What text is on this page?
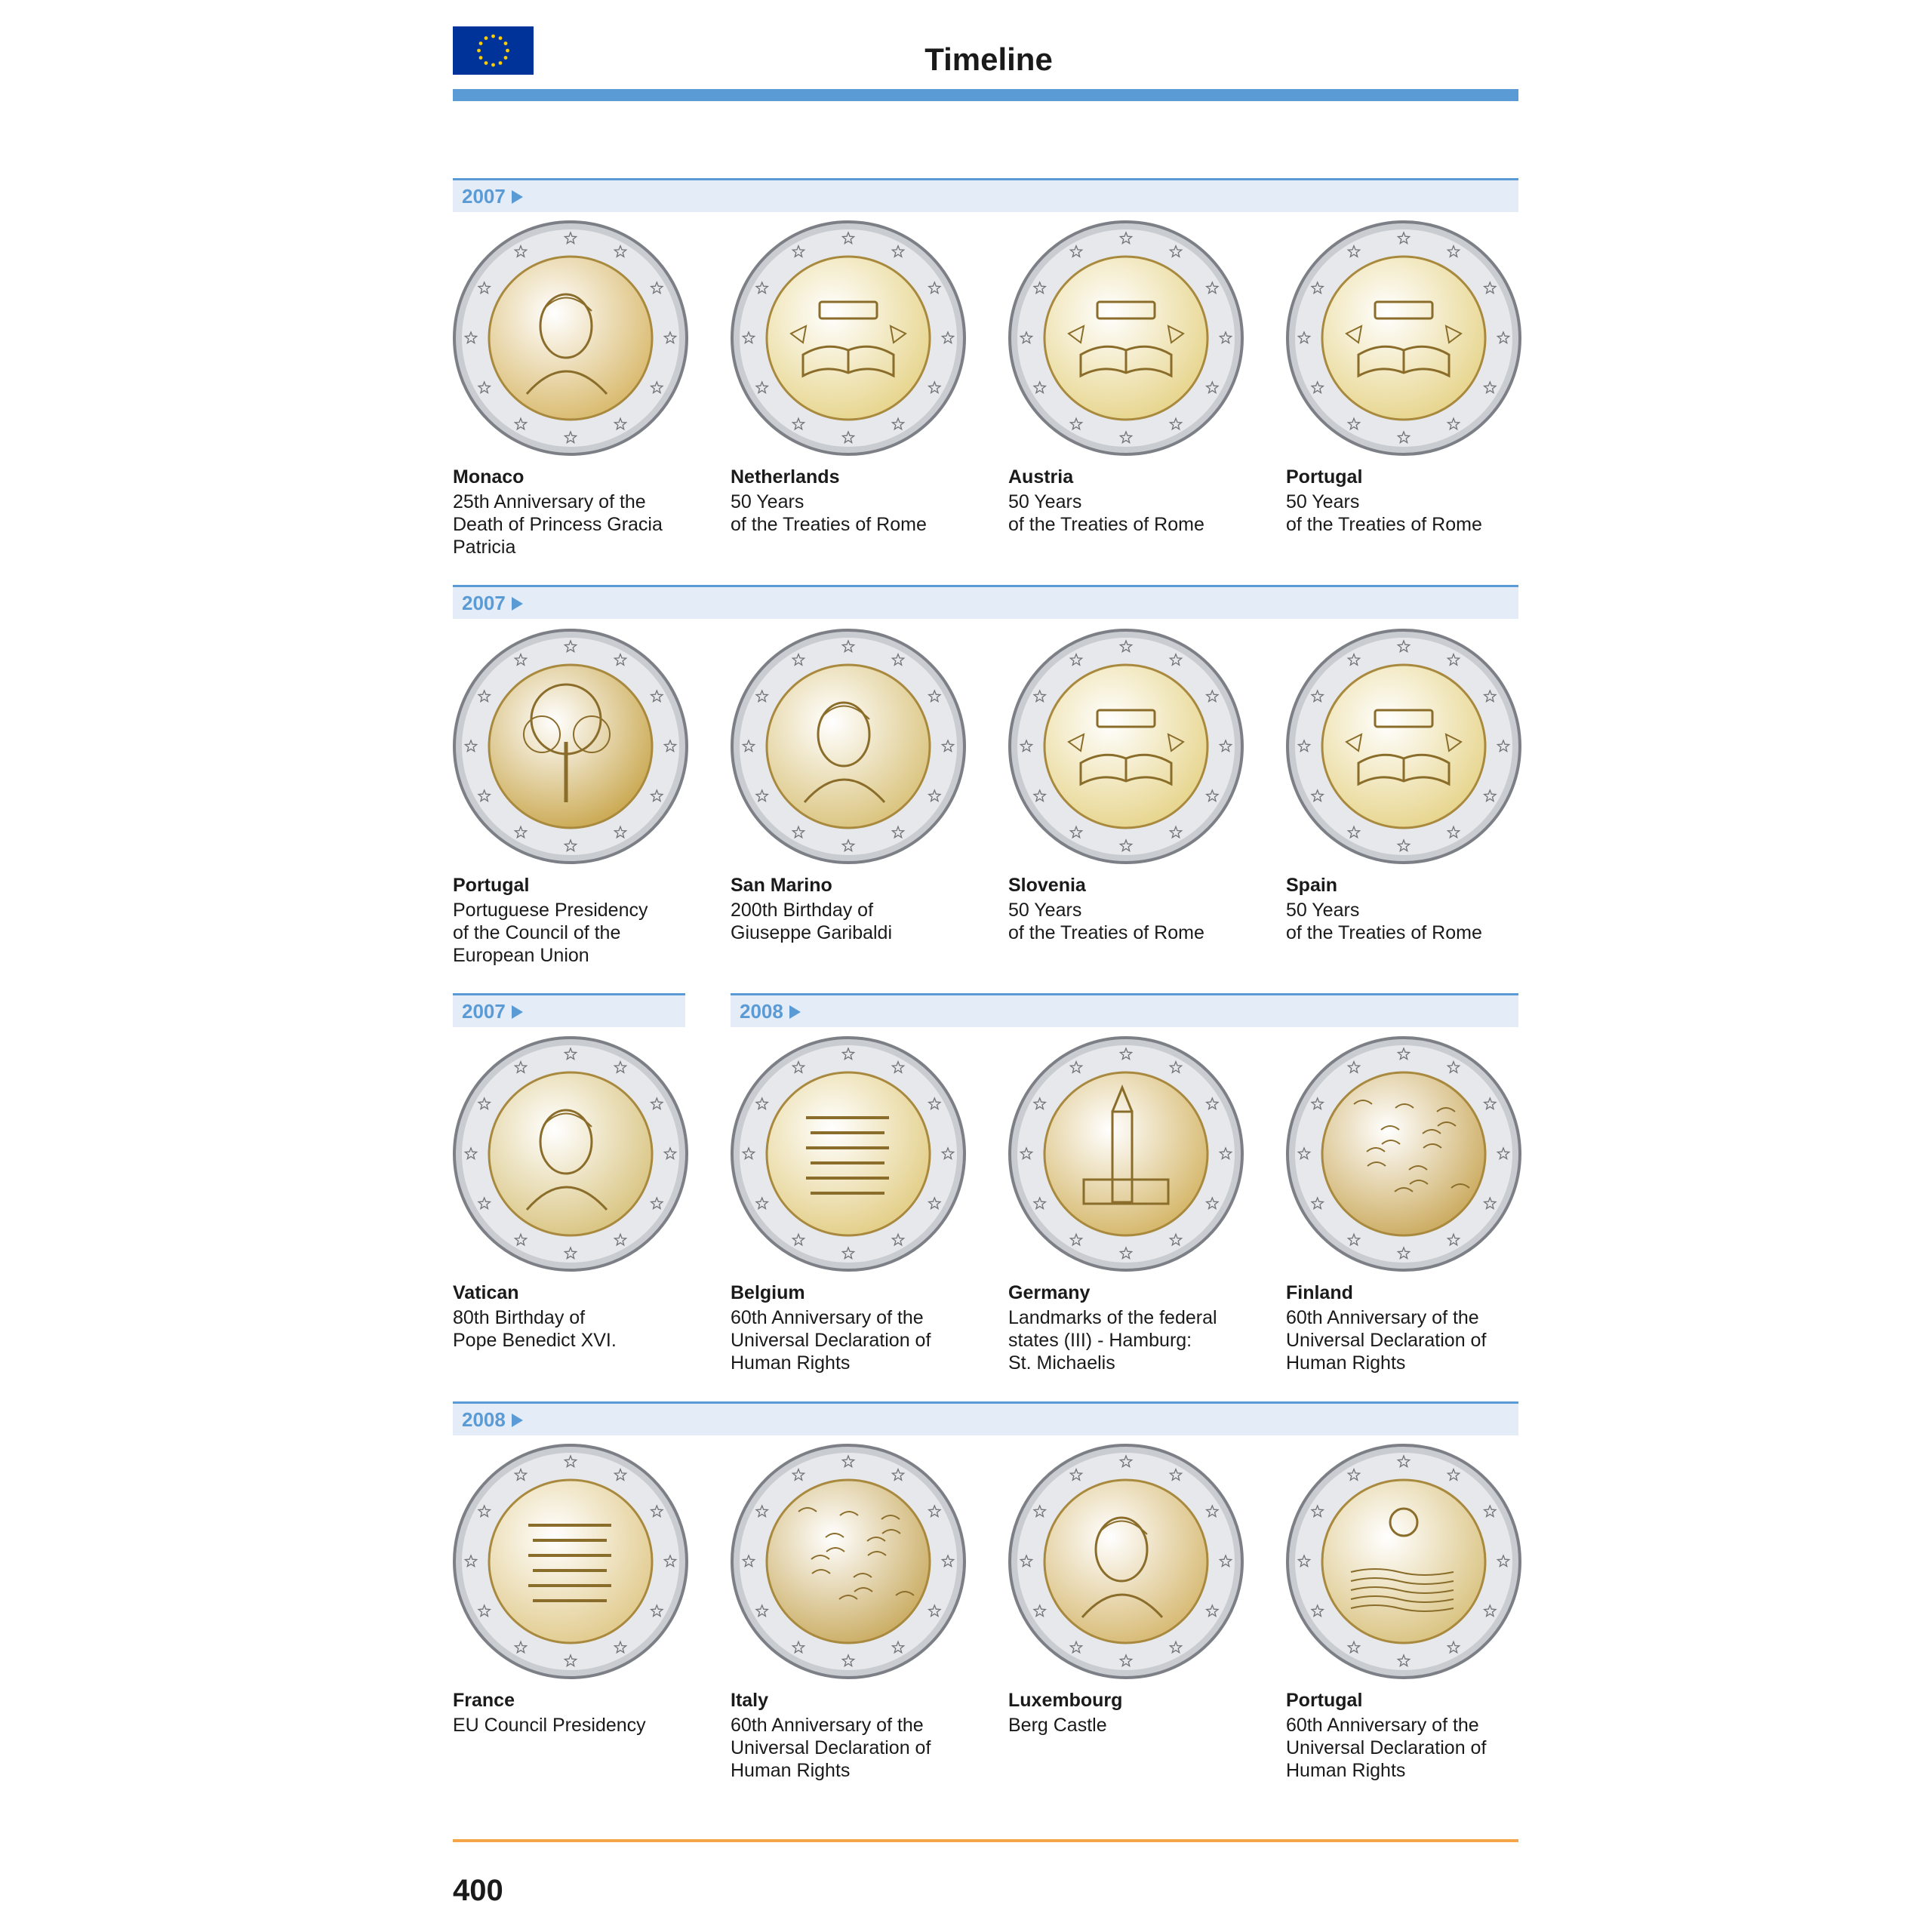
Timeline
2007
2007
2007	2008
2008
Monaco
25th Anniversary of the
Death of Princess Gracia
Patricia
Netherlands
50 Years
of the Treaties of Rome
Austria
50 Years
of the Treaties of Rome
Portugal
50 Years
of the Treaties of Rome
Portugal
Portuguese Presidency
of the Council of the
European Union
San Marino
200th Birthday of
Giuseppe Garibaldi
Slovenia
50 Years
of the Treaties of Rome
Spain
50 Years
of the Treaties of Rome
Vatican
80th Birthday of
Pope Benedict XVI.
Belgium
60th Anniversary of the
Universal Declaration of
Human Rights
Germany
Landmarks of the federal
states (III) - Hamburg:
St. Michaelis
Finland
60th Anniversary of the
Universal Declaration of
Human Rights
France
EU Council Presidency
Italy
60th Anniversary of the
Universal Declaration of
Human Rights
Luxembourg
Berg Castle
Portugal
60th Anniversary of the
Universal Declaration of
Human Rights
400
